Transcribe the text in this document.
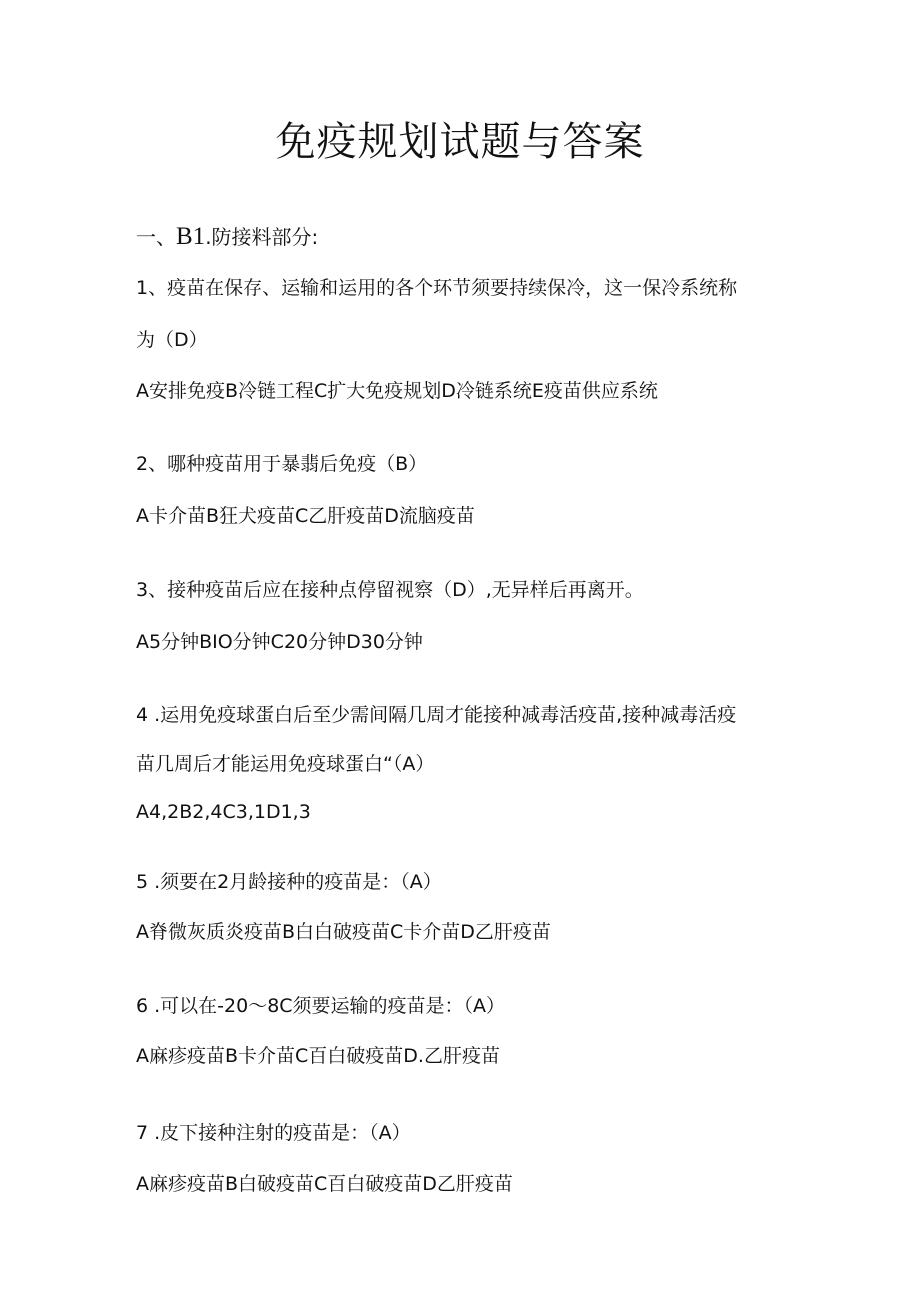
免疫规划试题与答案
一、B1.防接料部分:
1、疫苗在保存、运输和运用的各个环节须要持续保冷，这一保冷系统称
为（D）
A安排免疫B冷链工程C扩大免疫规划D冷链系统E疫苗供应系统
2、哪种疫苗用于暴翡后免疫（B）
A卡介苗B狂犬疫苗C乙肝疫苗D流脑疫苗
3、接种疫苗后应在接种点停留视察（D）,无异样后再离开。
A5分钟BIO分钟C20分钟D30分钟
4 .运用免疫球蛋白后至少需间隔几周才能接种减毒活疫苗,接种减毒活疫
苗几周后才能运用免疫球蛋白“（A）
A4,2B2,4C3,1D1,3
5 .须要在2月龄接种的疫苗是：（A）
A脊微灰质炎疫苗B白白破疫苗C卡介苗D乙肝疫苗
6 .可以在-20～8C须要运输的疫苗是：（A）
A麻疹疫苗B卡介苗C百白破疫苗D.乙肝疫苗
7 .皮下接种注射的疫苗是：（A）
A麻疹疫苗B白破疫苗C百白破疫苗D乙肝疫苗
